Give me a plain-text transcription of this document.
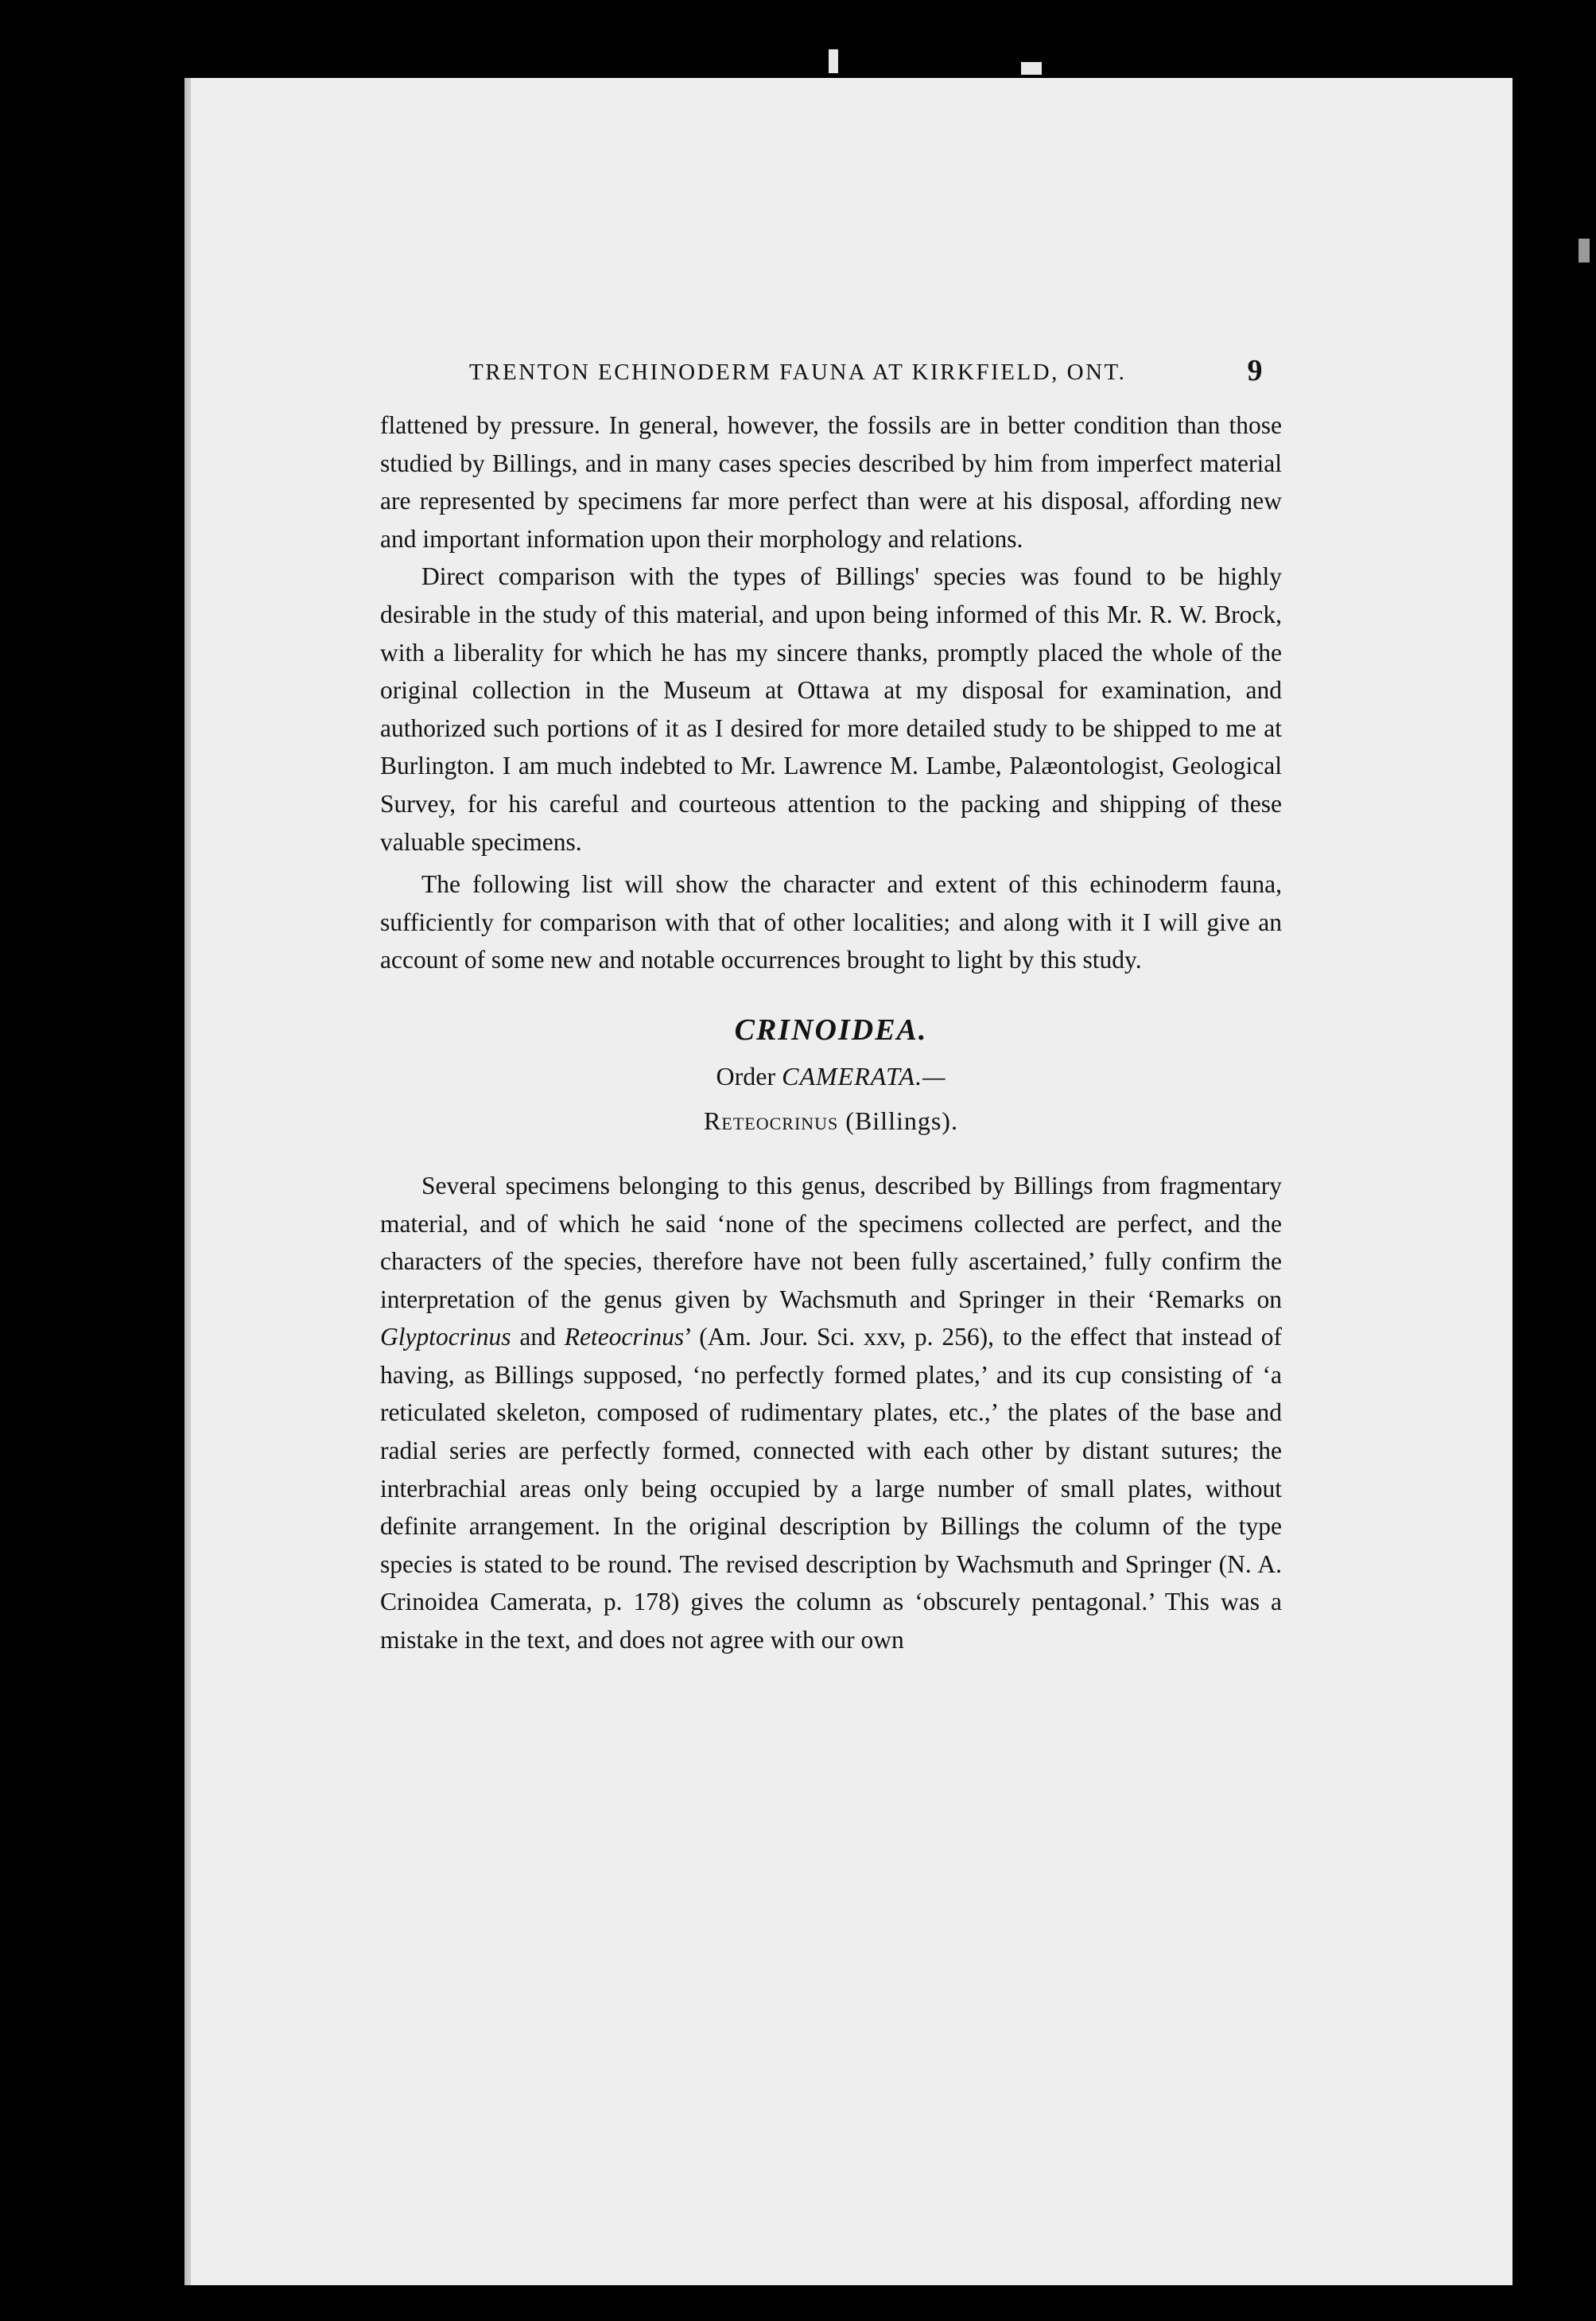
TRENTON ECHINODERM FAUNA AT KIRKFIELD, ONT.	9

flattened by pressure. In general, however, the fossils are in better condition than those studied by Billings, and in many cases species described by him from imperfect material are represented by specimens far more perfect than were at his disposal, affording new and important information upon their morphology and relations.

Direct comparison with the types of Billings' species was found to be highly desirable in the study of this material, and upon being informed of this Mr. R. W. Brock, with a liberality for which he has my sincere thanks, promptly placed the whole of the original collection in the Museum at Ottawa at my disposal for examination, and authorized such portions of it as I desired for more detailed study to be shipped to me at Burlington. I am much indebted to Mr. Lawrence M. Lambe, Palæontologist, Geological Survey, for his careful and courteous attention to the packing and shipping of these valuable specimens.

The following list will show the character and extent of this echinoderm fauna, sufficiently for comparison with that of other localities; and along with it I will give an account of some new and notable occurrences brought to light by this study.

CRINOIDEA.

Order CAMERATA.—

Reteocrinus (Billings).

Several specimens belonging to this genus, described by Billings from fragmentary material, and of which he said ‘none of the specimens collected are perfect, and the characters of the species, therefore have not been fully ascertained,’ fully confirm the interpretation of the genus given by Wachsmuth and Springer in their ‘Remarks on Glyptocrinus and Reteocrinus’ (Am. Jour. Sci. xxv, p. 256), to the effect that instead of having, as Billings supposed, ‘no perfectly formed plates,’ and its cup consisting of ‘a reticulated skeleton, composed of rudimentary plates, etc.,’ the plates of the base and radial series are perfectly formed, connected with each other by distant sutures; the interbrachial areas only being occupied by a large number of small plates, without definite arrangement. In the original description by Billings the column of the type species is stated to be round. The revised description by Wachsmuth and Springer (N. A. Crinoidea Camerata, p. 178) gives the column as ‘obscurely pentagonal.’ This was a mistake in the text, and does not agree with our own
